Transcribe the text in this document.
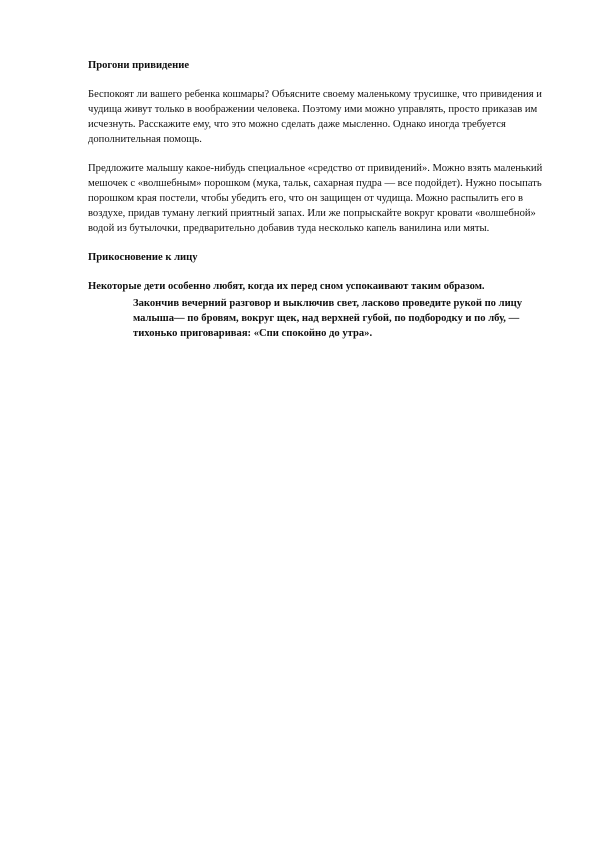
Прогони привидение

Беспокоят ли вашего ребенка кошмары? Объясните своему маленькому трусишке, что привидения и чудища живут только в воображении человека. Поэтому ими можно управлять, просто приказав им исчезнуть. Расскажите ему, что это можно сделать даже мысленно. Однако иногда требуется дополнительная помощь.

Предложите малышу какое-нибудь специальное «средство от привидений». Можно взять маленький мешочек с «волшебным» порошком (мука, тальк, сахарная пудра — все подойдет). Нужно посыпать порошком края постели, чтобы убедить его, что он защищен от чудища. Можно распылить его в воздухе, придав туману легкий приятный запах. Или же попрыскайте вокруг кровати «волшебной» водой из бутылочки, предварительно добавив туда несколько капель ванилина или мяты.

Прикосновение к лицу
Некоторые дети особенно любят, когда их перед сном успокаивают таким образом.
Закончив вечерний разговор и выключив свет, ласково проведите рукой по лицу малыша— по бровям, вокруг щек, над верхней губой, по подбородку и по лбу, — тихонько приговаривая: «Спи спокойно до утра».
